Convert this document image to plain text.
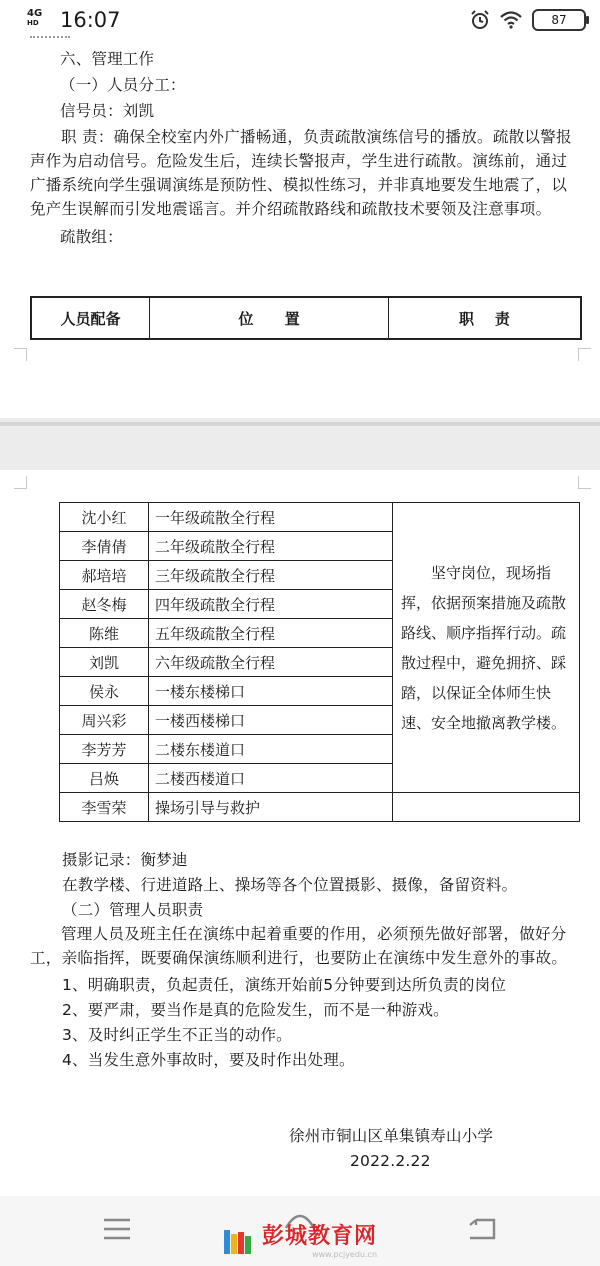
4G
HD 16:07	87
六、管理工作
（一）人员分工：
信号员：刘凯
职 责：确保全校室内外广播畅通，负责疏散演练信号的播放。疏散以警报声作为启动信号。危险发生后，连续长警报声，学生进行疏散。演练前，通过广播系统向学生强调演练是预防性、模拟性练习，并非真地要发生地震了，以免产生误解而引发地震谣言。并介绍疏散路线和疏散技术要领及注意事项。
疏散组：
人员配备	位      置	职    责
沈小红	一年级疏散全行程	坚守岗位，现场指挥，依据预案措施及疏散路线、顺序指挥行动。疏散过程中，避免拥挤、踩踏，以保证全体师生快速、安全地撤离教学楼。
李倩倩	二年级疏散全行程	
郝培培	三年级疏散全行程	
赵冬梅	四年级疏散全行程	
陈维	五年级疏散全行程	
刘凯	六年级疏散全行程	
侯永	一楼东楼梯口	
周兴彩	一楼西楼梯口	
李芳芳	二楼东楼道口	
吕焕	二楼西楼道口	
李雪荣	操场引导与救护	
摄影记录：衡梦迪
在教学楼、行进道路上、操场等各个位置摄影、摄像，备留资料。
（二）管理人员职责
管理人员及班主任在演练中起着重要的作用，必须预先做好部署，做好分工，亲临指挥，既要确保演练顺利进行，也要防止在演练中发生意外的事故。
1、明确职责，负起责任，演练开始前5分钟要到达所负责的岗位
2、要严肃，要当作是真的危险发生，而不是一种游戏。
3、及时纠正学生不正当的动作。
4、当发生意外事故时，要及时作出处理。
徐州市铜山区单集镇寿山小学
2022.2.22
彭城教育网
www.pcjyedu.cn
